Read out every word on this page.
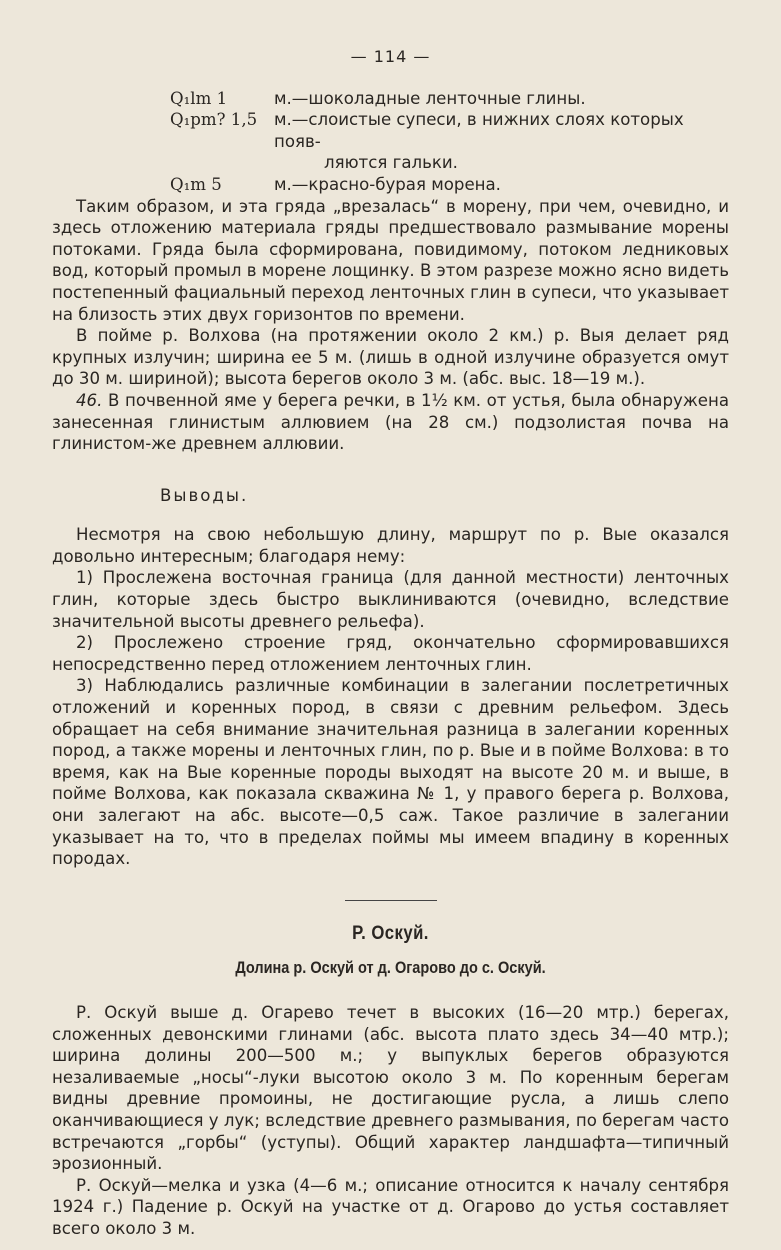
— 114 —
Q₁lm 1	м.—шоколадные ленточные глины.
Q₁pm? 1,5	м.—слоистые супеси, в нижних слоях которых появ-
ляются гальки.
Q₁m 5	м.—красно-бурая морена.

Таким образом, и эта гряда „врезалась“ в морену, при чем, очевидно, и здесь отложению материала гряды предшествовало размывание морены потоками. Гряда была сформирована, повидимому, потоком ледниковых вод, который промыл в морене лощинку. В этом разрезе можно ясно видеть постепенный фациальный переход ленточных глин в супеси, что указывает на близость этих двух горизонтов по времени.

В пойме р. Волхова (на протяжении около 2 км.) р. Выя делает ряд крупных излучин; ширина ее 5 м. (лишь в одной излучине образуется омут до 30 м. шириной); высота берегов около 3 м. (абс. выс. 18—19 м.).

46. В почвенной яме у берега речки, в 1½ км. от устья, была обнаружена занесенная глинистым аллювием (на 28 см.) подзолистая почва на глинистом-же древнем аллювии.

Выводы.

Несмотря на свою небольшую длину, маршрут по р. Вые оказался довольно интересным; благодаря нему:

1) Прослежена восточная граница (для данной местности) ленточных глин, которые здесь быстро выклиниваются (очевидно, вследствие значительной высоты древнего рельефа).

2) Прослежено строение гряд, окончательно сформировавшихся непосредственно перед отложением ленточных глин.

3) Наблюдались различные комбинации в залегании послетретичных отложений и коренных пород, в связи с древним рельефом. Здесь обращает на себя внимание значительная разница в залегании коренных пород, а также морены и ленточных глин, по р. Вые и в пойме Волхова: в то время, как на Вые коренные породы выходят на высоте 20 м. и выше, в пойме Волхова, как показала скважина № 1, у правого берега р. Волхова, они залегают на абс. высоте—0,5 саж. Такое различие в залегании указывает на то, что в пределах поймы мы имеем впадину в коренных породах.

Р. Оскуй.
Долина р. Оскуй от д. Огарово до с. Оскуй.

Р. Оскуй выше д. Огарево течет в высоких (16—20 мтр.) берегах, сложенных девонскими глинами (абс. высота плато здесь 34—40 мтр.); ширина долины 200—500 м.; у выпуклых берегов образуются незаливаемые „носы“-луки высотою около 3 м. По коренным берегам видны древние промоины, не достигающие русла, а лишь слепо оканчивающиеся у лук; вследствие древнего размывания, по берегам часто встречаются „горбы“ (уступы). Общий характер ландшафта—типичный эрозионный.

Р. Оскуй—мелка и узка (4—6 м.; описание относится к началу сентября 1924 г.) Падение р. Оскуй на участке от д. Огарово до устья составляет всего около 3 м.
